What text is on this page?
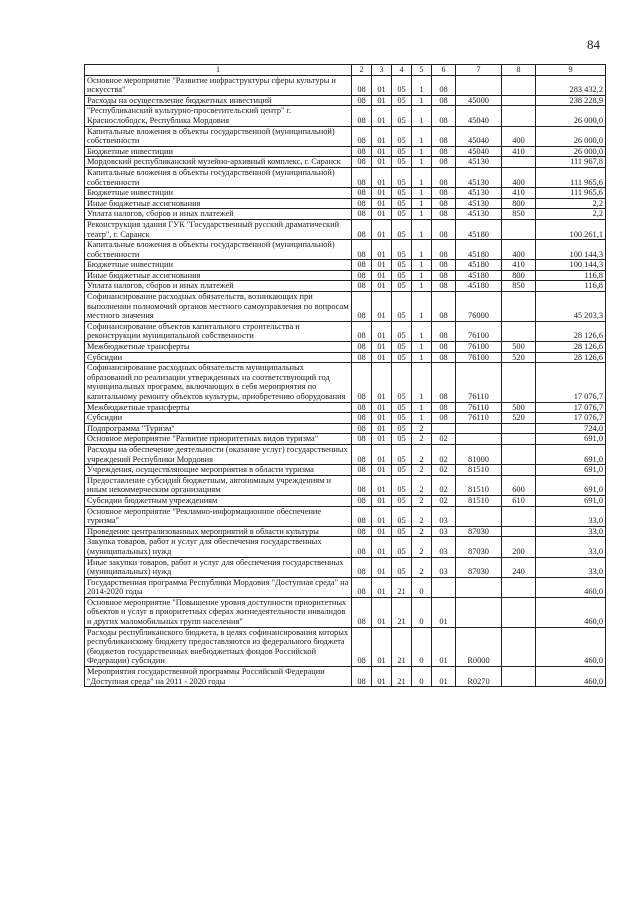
84
1	2	3	4	5	6	7	8	9
Основное мероприятие "Развитие инфраструктуры сферы культуры и искусства"	08	01	05	1	08			283 432,2
Расходы на осуществление бюджетных инвестиций	08	01	05	1	08	45000		238 228,9
"Республиканский культурно-просветительский центр" г. Краснослободск, Республика Мордовия	08	01	05	1	08	45040		26 000,0
Капитальные вложения в объекты государственной (муниципальной) собственности	08	01	05	1	08	45040	400	26 000,0
Бюджетные инвестиции	08	01	05	1	08	45040	410	26 000,0
Мордовский республиканский музейно-архивный комплекс, г. Саранск	08	01	05	1	08	45130		111 967,8
Капитальные вложения в объекты государственной (муниципальной) собственности	08	01	05	1	08	45130	400	111 965,6
Бюджетные инвестиции	08	01	05	1	08	45130	410	111 965,6
Иные бюджетные ассигнования	08	01	05	1	08	45130	800	2,2
Уплата налогов, сборов и иных платежей	08	01	05	1	08	45130	850	2,2
Реконструкция здания ГУК "Государственный русский драматический театр", г. Саранск	08	01	05	1	08	45180		100 261,1
Капитальные вложения в объекты государственной (муниципальной) собственности	08	01	05	1	08	45180	400	100 144,3
Бюджетные инвестиции	08	01	05	1	08	45180	410	100 144,3
Иные бюджетные ассигнования	08	01	05	1	08	45180	800	116,8
Уплата налогов, сборов и иных платежей	08	01	05	1	08	45180	850	116,8
Софинансирование расходных обязательств, возникающих при выполнении полномочий органов местного самоуправления по вопросам местного значения	08	01	05	1	08	76000		45 203,3
Софинансирование объектов капитального строительства и реконструкции муниципальной собственности	08	01	05	1	08	76100		28 126,6
Межбюджетные трансферты	08	01	05	1	08	76100	500	28 126,6
Субсидии	08	01	05	1	08	76100	520	28 126,6
Софинансирование расходных обязательств муниципальных образований по реализации утвержденных на соответствующий год муниципальных программ, включающих в себя мероприятия по капитальному ремонту объектов культуры, приобретению оборудования	08	01	05	1	08	76110		17 076,7
Межбюджетные трансферты	08	01	05	1	08	76110	500	17 076,7
Субсидии	08	01	05	1	08	76110	520	17 076,7
Подпрограмма "Туризм"	08	01	05	2				724,0
Основное мероприятие "Развитие приоритетных видов туризма"	08	01	05	2	02			691,0
Расходы на обеспечение деятельности (оказание услуг) государственных учреждений Республики Мордовия	08	01	05	2	02	81000		691,0
Учреждения, осуществляющие мероприятия в области туризма	08	01	05	2	02	81510		691,0
Предоставление субсидий бюджетным, автономным учреждениям и иным некоммерческим организациям	08	01	05	2	02	81510	600	691,0
Субсидии бюджетным учреждениям	08	01	05	2	02	81510	610	691,0
Основное мероприятие "Рекламно-информационное обеспечение туризма"	08	01	05	2	03			33,0
Проведение централизованных мероприятий в области культуры	08	01	05	2	03	87030		33,0
Закупка товаров, работ и услуг для обеспечения государственных (муниципальных) нужд	08	01	05	2	03	87030	200	33,0
Иные закупки товаров, работ и услуг для обеспечения государственных (муниципальных) нужд	08	01	05	2	03	87030	240	33,0
Государственная программа Республики Мордовия "Доступная среда" на 2014-2020 годы	08	01	21	0				460,0
Основное мероприятие "Повышение уровня доступности приоритетных объектов и услуг в приоритетных сферах жизнедеятельности инвалидов и других маломобильных групп населения"	08	01	21	0	01			460,0
Расходы республиканского бюджета, в целях софинансирования которых республиканскому бюджету предоставляются из федерального бюджета (бюджетов государственных внебюджетных фондов Российской Федерации) субсидии	08	01	21	0	01	R0000		460,0
Мероприятия государственной программы Российской Федерации "Доступная среда" на 2011 - 2020 годы	08	01	21	0	01	R0270		460,0
